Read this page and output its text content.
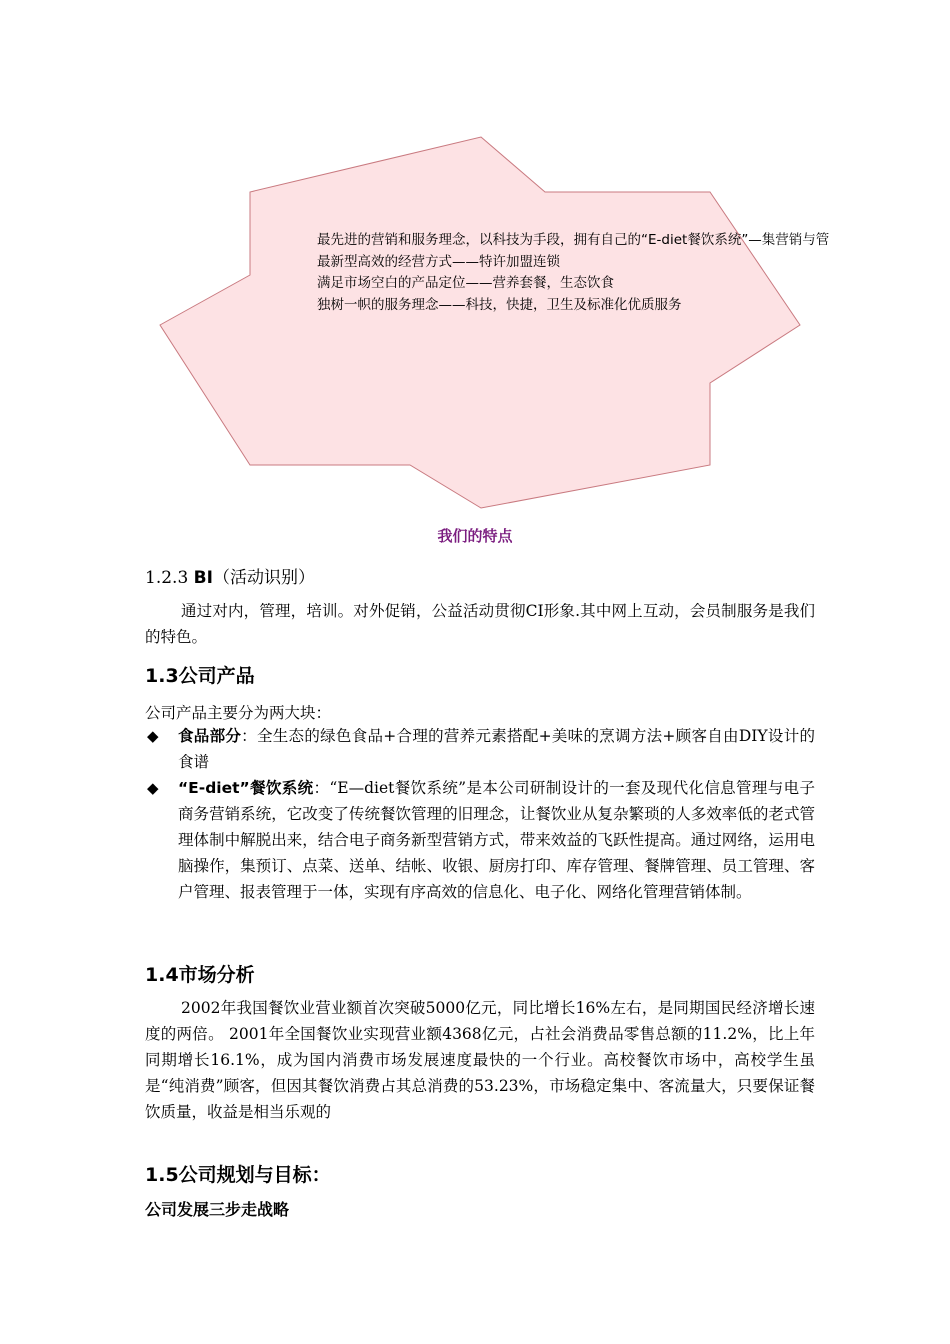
最先进的营销和服务理念，以科技为手段，拥有自己的“E-diet餐饮系统”—集营销与管
最新型高效的经营方式——特许加盟连锁
满足市场空白的产品定位——营养套餐，生态饮食
独树一帜的服务理念——科技，快捷，卫生及标准化优质服务
我们的特点
1.2.3 BI（活动识别）
通过对内，管理，培训。对外促销，公益活动贯彻CI形象.其中网上互动，会员制服务是我们的特色。
1.3公司产品
公司产品主要分为两大块：
◆ 食品部分：全生态的绿色食品+合理的营养元素搭配+美味的烹调方法+顾客自由DIY设计的食谱
◆ “E-diet”餐饮系统：“E—diet餐饮系统”是本公司研制设计的一套及现代化信息管理与电子商务营销系统，它改变了传统餐饮管理的旧理念，让餐饮业从复杂繁琐的人多效率低的老式管理体制中解脱出来，结合电子商务新型营销方式，带来效益的飞跃性提高。通过网络，运用电脑操作，集预订、点菜、送单、结帐、收银、厨房打印、库存管理、餐牌管理、员工管理、客户管理、报表管理于一体，实现有序高效的信息化、电子化、网络化管理营销体制。
1.4市场分析
2002年我国餐饮业营业额首次突破5000亿元，同比增长16%左右，是同期国民经济增长速度的两倍。 2001年全国餐饮业实现营业额4368亿元，占社会消费品零售总额的11.2%，比上年同期增长16.1%，成为国内消费市场发展速度最快的一个行业。高校餐饮市场中，高校学生虽是“纯消费”顾客，但因其餐饮消费占其总消费的53.23%，市场稳定集中、客流量大，只要保证餐饮质量，收益是相当乐观的
1.5公司规划与目标：
公司发展三步走战略
